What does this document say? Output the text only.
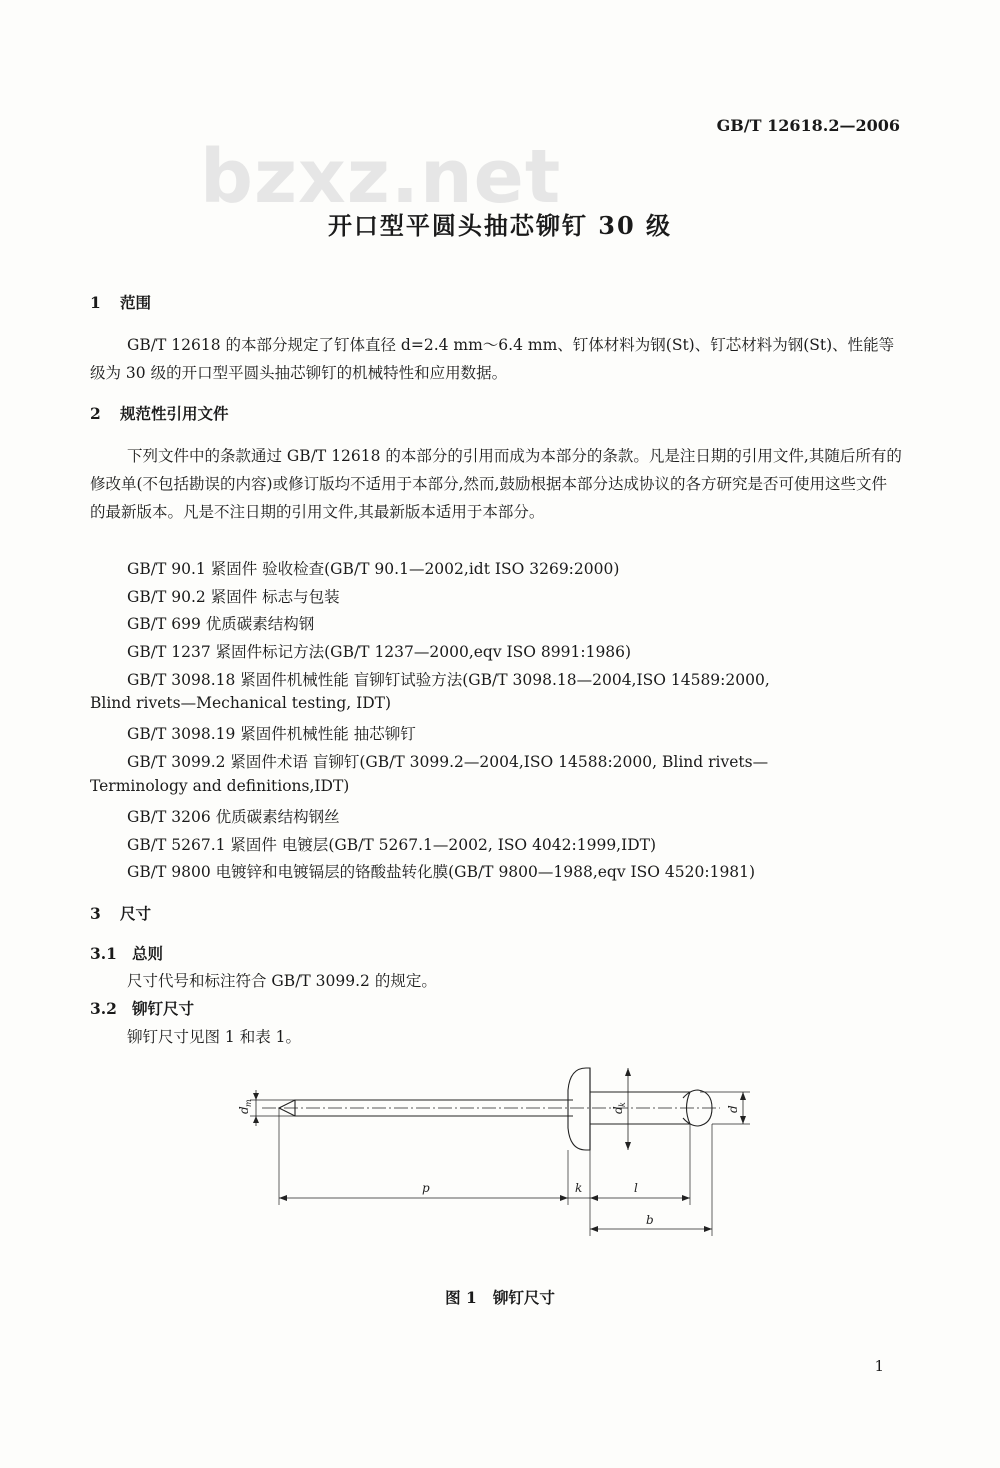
GB/T 12618.2—2006
bzxz.net
开口型平圆头抽芯铆钉 30 级
1 范围
GB/T 12618 的本部分规定了钉体直径 d=2.4 mm～6.4 mm、钉体材料为钢(St)、钉芯材料为钢(St)、性能等级为 30 级的开口型平圆头抽芯铆钉的机械特性和应用数据。
2 规范性引用文件
下列文件中的条款通过 GB/T 12618 的本部分的引用而成为本部分的条款。凡是注日期的引用文件,其随后所有的修改单(不包括勘误的内容)或修订版均不适用于本部分,然而,鼓励根据本部分达成协议的各方研究是否可使用这些文件的最新版本。凡是不注日期的引用文件,其最新版本适用于本部分。
GB/T 90.1 紧固件 验收检查(GB/T 90.1—2002,idt ISO 3269:2000)
GB/T 90.2 紧固件 标志与包装
GB/T 699 优质碳素结构钢
GB/T 1237 紧固件标记方法(GB/T 1237—2000,eqv ISO 8991:1986)
GB/T 3098.18 紧固件机械性能 盲铆钉试验方法(GB/T 3098.18—2004,ISO 14589:2000,
Blind rivets—Mechanical testing, IDT)
GB/T 3098.19 紧固件机械性能 抽芯铆钉
GB/T 3099.2 紧固件术语 盲铆钉(GB/T 3099.2—2004,ISO 14588:2000, Blind rivets—
Terminology and definitions,IDT)
GB/T 3206 优质碳素结构钢丝
GB/T 5267.1 紧固件 电镀层(GB/T 5267.1—2002, ISO 4042:1999,IDT)
GB/T 9800 电镀锌和电镀镉层的铬酸盐转化膜(GB/T 9800—1988,eqv ISO 4520:1981)
3 尺寸
3.1 总则
尺寸代号和标注符合 GB/T 3099.2 的规定。
3.2 铆钉尺寸
铆钉尺寸见图 1 和表 1。
p	k	l
b
d
m
d
k
d
图 1 铆钉尺寸
1
